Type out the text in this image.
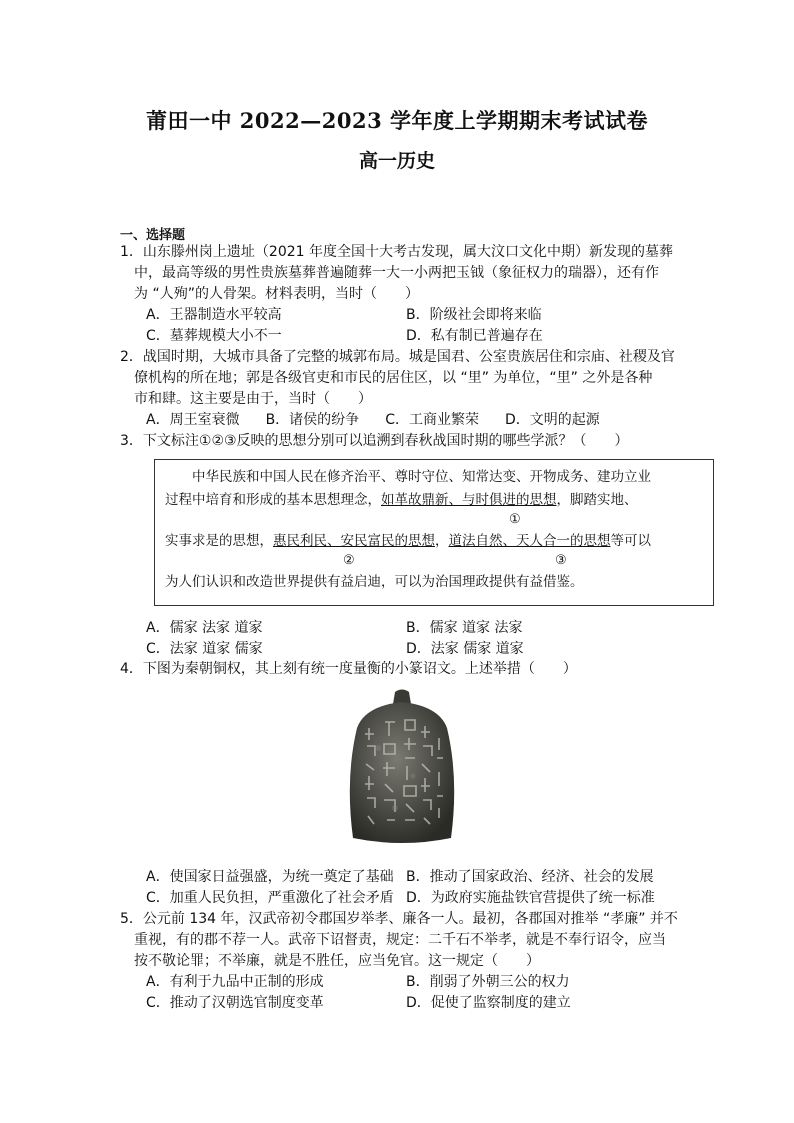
莆田一中 2022—2023 学年度上学期期末考试试卷
高一历史
一、选择题
1．山东滕州岗上遗址（2021 年度全国十大考古发现，属大汶口文化中期）新发现的墓葬
中，最高等级的男性贵族墓葬普遍随葬一大一小两把玉钺（象征权力的瑞器），还有作
为 “人殉”的人骨架。材料表明，当时（　　）
A．王器制造水平较高	B．阶级社会即将来临
C．墓葬规模大小不一	D．私有制已普遍存在
2．战国时期，大城市具备了完整的城郭布局。城是国君、公室贵族居住和宗庙、社稷及官
僚机构的所在地；郭是各级官吏和市民的居住区，以 “里” 为单位，“里” 之外是各种
市和肆。这主要是由于，当时（　　）
A．周王室衰微 B．诸侯的纷争 C．工商业繁荣 D．文明的起源
3．下文标注①②③反映的思想分别可以追溯到春秋战国时期的哪些学派？（　　）
中华民族和中国人民在修齐治平、尊时守位、知常达变、开物成务、建功立业
过程中培育和形成的基本思想理念，如革故鼎新、与时俱进的思想，脚踏实地、
①
实事求是的思想，惠民利民、安民富民的思想，道法自然、天人合一的思想等可以
②	③
为人们认识和改造世界提供有益启迪，可以为治国理政提供有益借鉴。
A．儒家 法家 道家	B．儒家 道家 法家
C．法家 道家 儒家	D．法家 儒家 道家
4．下图为秦朝铜权，其上刻有统一度量衡的小篆诏文。上述举措（　　）
A．使国家日益强盛，为统一奠定了基础 B．推动了国家政治、经济、社会的发展
C．加重人民负担，严重激化了社会矛盾 D．为政府实施盐铁官营提供了统一标准
5．公元前 134 年，汉武帝初令郡国岁举孝、廉各一人。最初，各郡国对推举 “孝廉” 并不
重视，有的郡不荐一人。武帝下诏督责，规定：二千石不举孝，就是不奉行诏令，应当
按不敬论罪；不举廉，就是不胜任，应当免官。这一规定（　　）
A．有利于九品中正制的形成	B．削弱了外朝三公的权力
C．推动了汉朝选官制度变革	D．促使了监察制度的建立
